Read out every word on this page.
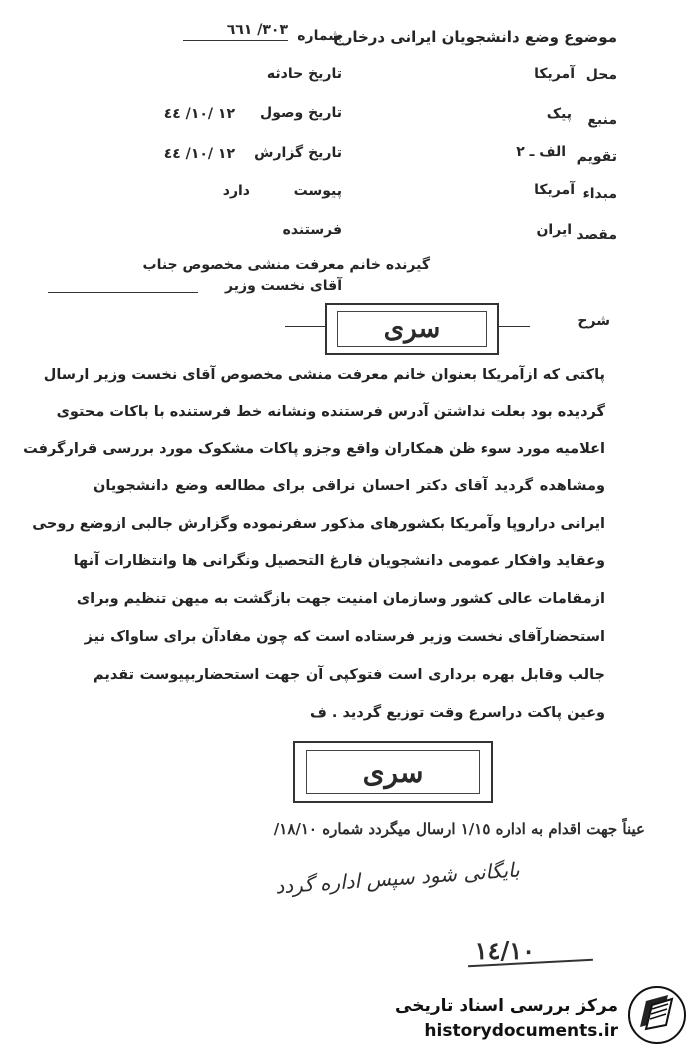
موضوع وضع دانشجویان ایرانی درخارج
شماره
٣٠٣/ ٦٦١
محل
آمریکا
تاریخ حادثه
منبع
پیک
تاریخ وصول
١٢ /١٠/ ٤٤
تقویم
الف ـ ٢
تاریخ گزارش
١٢ /١٠/ ٤٤
مبداء
آمریکا
پیوست
دارد
مقصد
ایران
فرستنده
گیرنده خانم معرفت منشی مخصوص جناب
آقای نخست وزیر
شرح
سری
پاکتی که ازآمریکا بعنوان خانم معرفت منشی مخصوص آقای نخست وزیر ارسال
گردیده بود بعلت نداشتن آدرس فرستنده ونشانه خط فرستنده با باکات محتوی
اعلامیه مورد سوء ظن همکاران واقع وجزو پاکات مشکوک مورد بررسی قرارگرفت
ومشاهده گردید آقای دکتر احسان نراقی برای مطالعه وضع دانشجویان
ایرانی دراروپا وآمریکا بکشورهای مذکور سفرنموده وگزارش جالبی ازوضع روحی
وعقاید وافکار عمومی دانشجویان فارغ التحصیل ونگرانی ها وانتظارات آنها
ازمقامات عالی کشور وسازمان امنیت جهت بازگشت به میهن تنظیم وبرای
استحضارآقای نخست وزیر فرستاده است که چون مفادآن برای ساواک نیز
جالب وقابل بهره برداری است فتوکپی آن جهت استحضاربپیوست تقدیم
وعین پاکت دراسرع وقت توزیع گردید . ف
سری
عیناً جهت اقدام به اداره ١/١٥ ارسال میگردد شماره ١٨/١٠/
بایگانی شود سپس اداره گردد
١٤/١٠
مرکز بررسی اسناد تاریخی
historydocuments.ir
